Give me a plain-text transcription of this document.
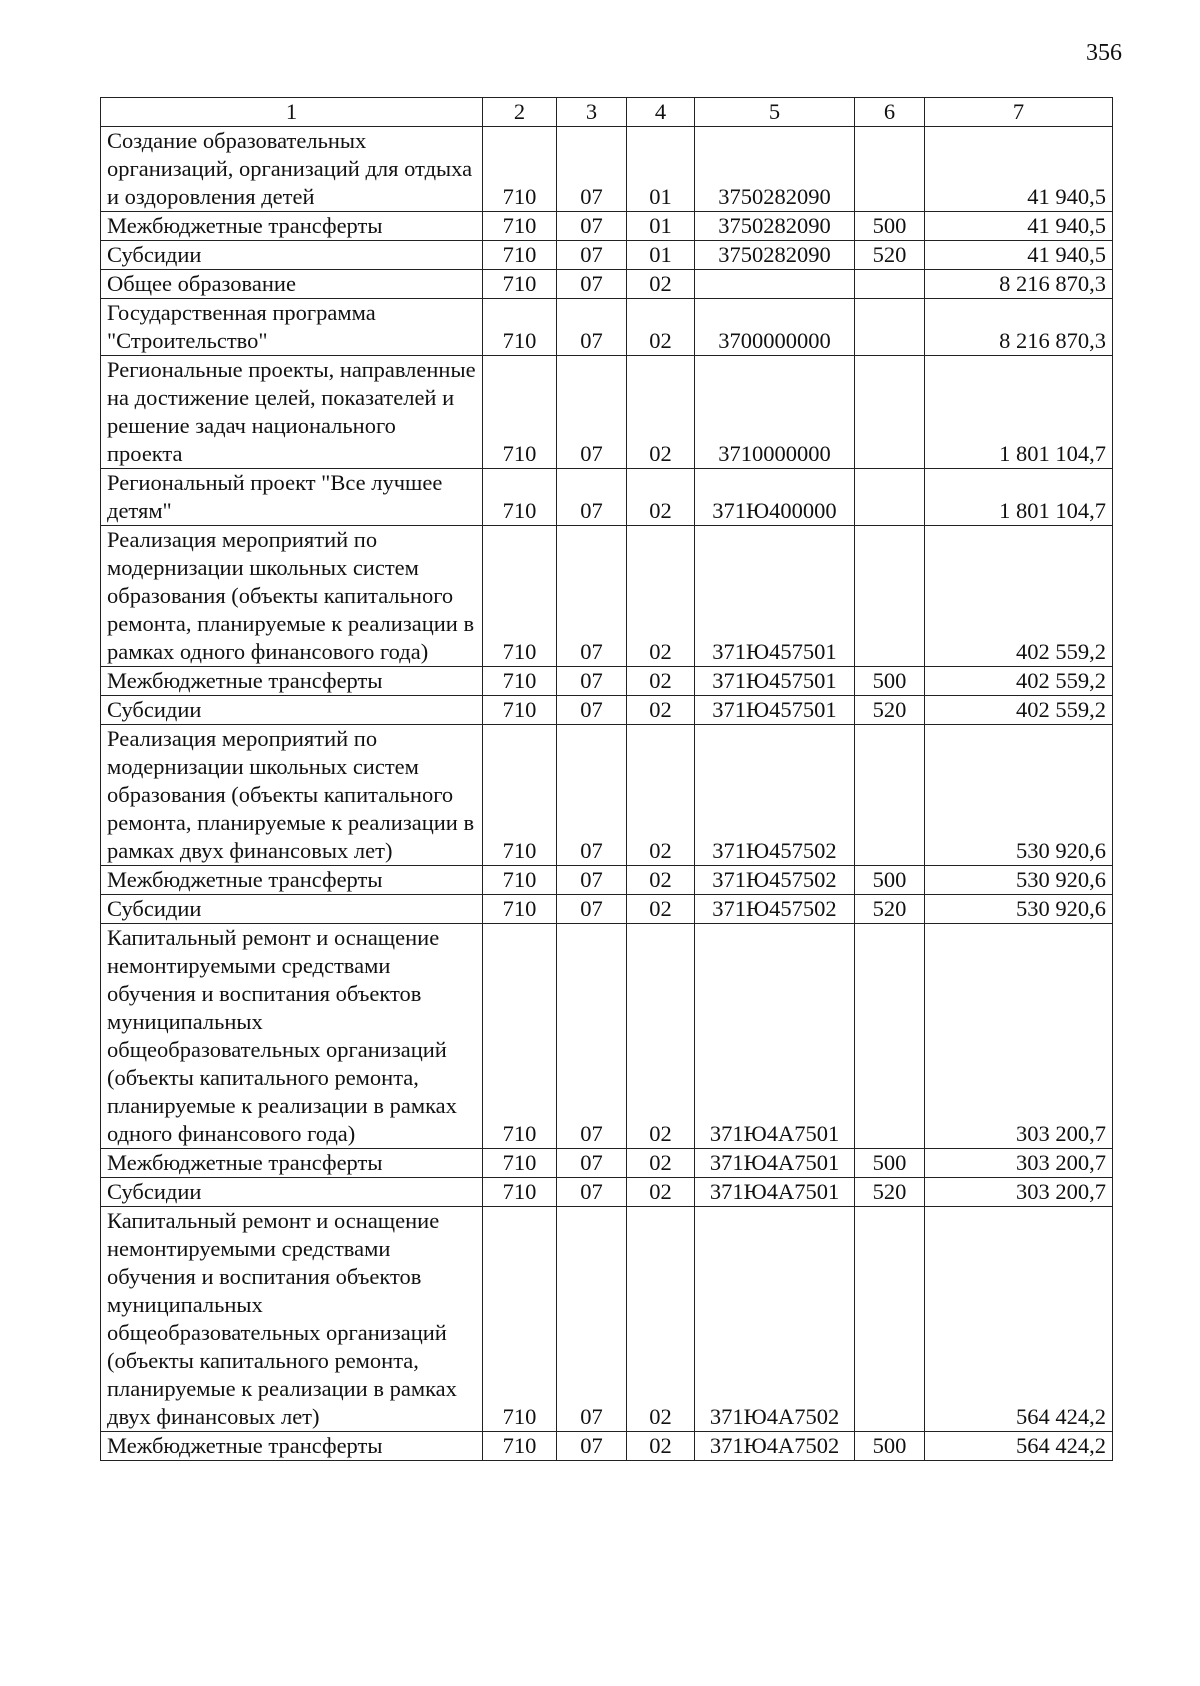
356
1	2	3	4	5	6	7
Создание образовательных организаций, организаций для отдыха и оздоровления детей	710	07	01	3750282090		41 940,5
Межбюджетные трансферты	710	07	01	3750282090	500	41 940,5
Субсидии	710	07	01	3750282090	520	41 940,5
Общее образование	710	07	02			8 216 870,3
Государственная программа "Строительство"	710	07	02	3700000000		8 216 870,3
Региональные проекты, направленные на достижение целей, показателей и решение задач национального проекта	710	07	02	3710000000		1 801 104,7
Региональный проект "Все лучшее детям"	710	07	02	371Ю400000		1 801 104,7
Реализация мероприятий по модернизации школьных систем образования (объекты капитального ремонта, планируемые к реализации в рамках одного финансового года)	710	07	02	371Ю457501		402 559,2
Межбюджетные трансферты	710	07	02	371Ю457501	500	402 559,2
Субсидии	710	07	02	371Ю457501	520	402 559,2
Реализация мероприятий по модернизации школьных систем образования (объекты капитального ремонта, планируемые к реализации в рамках двух финансовых лет)	710	07	02	371Ю457502		530 920,6
Межбюджетные трансферты	710	07	02	371Ю457502	500	530 920,6
Субсидии	710	07	02	371Ю457502	520	530 920,6
Капитальный ремонт и оснащение немонтируемыми средствами обучения и воспитания объектов муниципальных общеобразовательных организаций (объекты капитального ремонта, планируемые к реализации в рамках одного финансового года)	710	07	02	371Ю4А7501		303 200,7
Межбюджетные трансферты	710	07	02	371Ю4А7501	500	303 200,7
Субсидии	710	07	02	371Ю4А7501	520	303 200,7
Капитальный ремонт и оснащение немонтируемыми средствами обучения и воспитания объектов муниципальных общеобразовательных организаций (объекты капитального ремонта, планируемые к реализации в рамках двух финансовых лет)	710	07	02	371Ю4А7502		564 424,2
Межбюджетные трансферты	710	07	02	371Ю4А7502	500	564 424,2
